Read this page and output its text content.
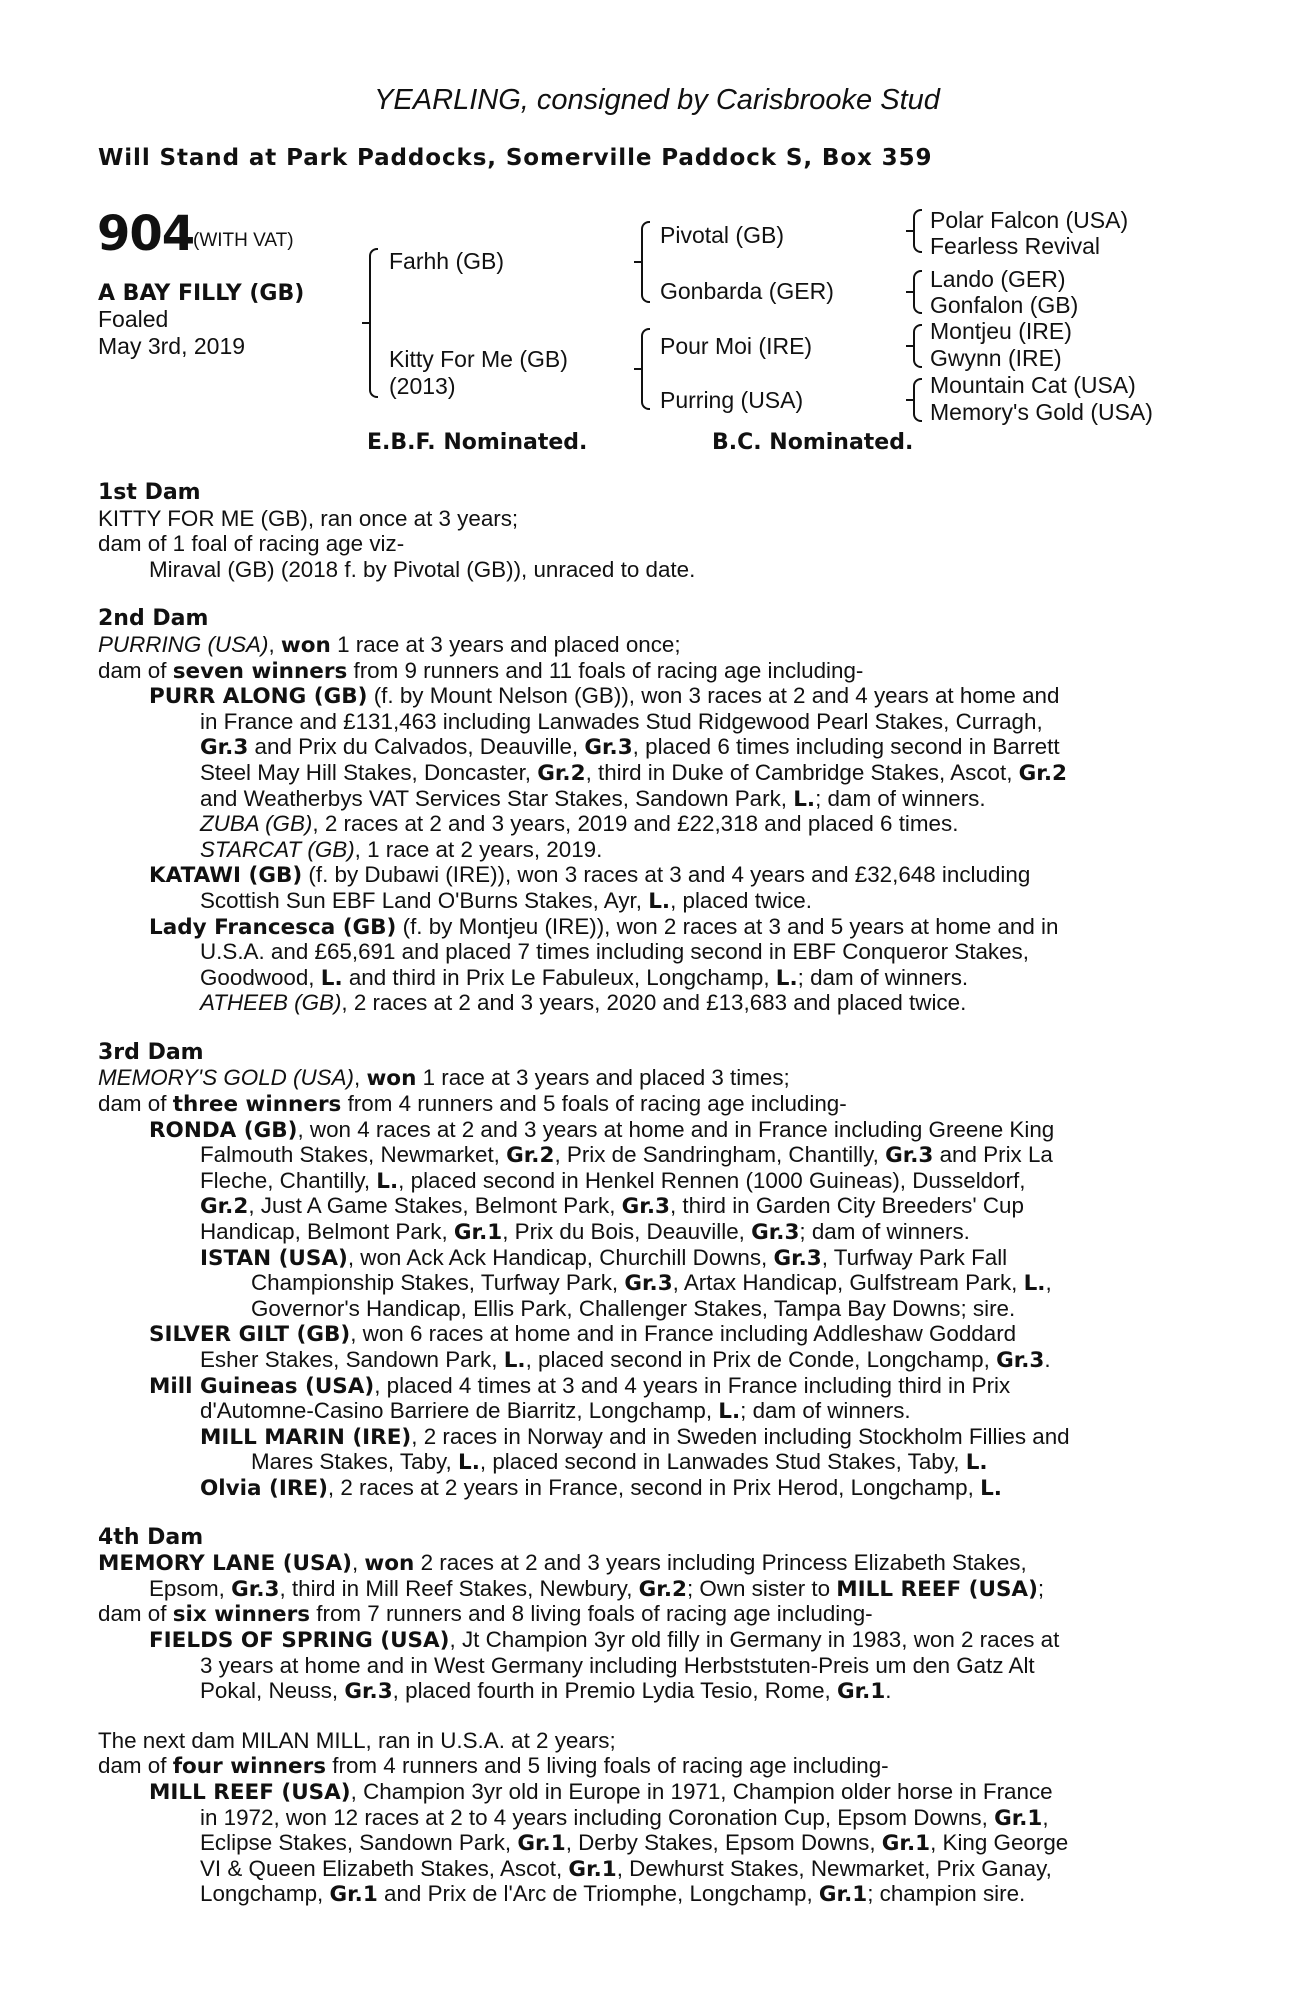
YEARLING, consigned by Carisbrooke Stud
Will Stand at Park Paddocks, Somerville Paddock S, Box 359
904
(WITH VAT)
A BAY FILLY (GB)
Foaled
May 3rd, 2019
Farhh (GB)
Kitty For Me (GB)
(2013)
Pivotal (GB)
Gonbarda (GER)
Pour Moi (IRE)
Purring (USA)
Polar Falcon (USA)
Fearless Revival
Lando (GER)
Gonfalon (GB)
Montjeu (IRE)
Gwynn (IRE)
Mountain Cat (USA)
Memory's Gold (USA)
E.B.F. Nominated.	B.C. Nominated.
1st Dam
KITTY FOR ME (GB), ran once at 3 years;
dam of 1 foal of racing age viz-
Miraval (GB) (2018 f. by Pivotal (GB)), unraced to date.
2nd Dam
PURRING (USA), won 1 race at 3 years and placed once;
dam of seven winners from 9 runners and 11 foals of racing age including-
PURR ALONG (GB) (f. by Mount Nelson (GB)), won 3 races at 2 and 4 years at home and
in France and £131,463 including Lanwades Stud Ridgewood Pearl Stakes, Curragh,
Gr.3 and Prix du Calvados, Deauville, Gr.3, placed 6 times including second in Barrett
Steel May Hill Stakes, Doncaster, Gr.2, third in Duke of Cambridge Stakes, Ascot, Gr.2
and Weatherbys VAT Services Star Stakes, Sandown Park, L.; dam of winners.
ZUBA (GB), 2 races at 2 and 3 years, 2019 and £22,318 and placed 6 times.
STARCAT (GB), 1 race at 2 years, 2019.
KATAWI (GB) (f. by Dubawi (IRE)), won 3 races at 3 and 4 years and £32,648 including
Scottish Sun EBF Land O'Burns Stakes, Ayr, L., placed twice.
Lady Francesca (GB) (f. by Montjeu (IRE)), won 2 races at 3 and 5 years at home and in
U.S.A. and £65,691 and placed 7 times including second in EBF Conqueror Stakes,
Goodwood, L. and third in Prix Le Fabuleux, Longchamp, L.; dam of winners.
ATHEEB (GB), 2 races at 2 and 3 years, 2020 and £13,683 and placed twice.
3rd Dam
MEMORY'S GOLD (USA), won 1 race at 3 years and placed 3 times;
dam of three winners from 4 runners and 5 foals of racing age including-
RONDA (GB), won 4 races at 2 and 3 years at home and in France including Greene King
Falmouth Stakes, Newmarket, Gr.2, Prix de Sandringham, Chantilly, Gr.3 and Prix La
Fleche, Chantilly, L., placed second in Henkel Rennen (1000 Guineas), Dusseldorf,
Gr.2, Just A Game Stakes, Belmont Park, Gr.3, third in Garden City Breeders' Cup
Handicap, Belmont Park, Gr.1, Prix du Bois, Deauville, Gr.3; dam of winners.
ISTAN (USA), won Ack Ack Handicap, Churchill Downs, Gr.3, Turfway Park Fall
Championship Stakes, Turfway Park, Gr.3, Artax Handicap, Gulfstream Park, L.,
Governor's Handicap, Ellis Park, Challenger Stakes, Tampa Bay Downs; sire.
SILVER GILT (GB), won 6 races at home and in France including Addleshaw Goddard
Esher Stakes, Sandown Park, L., placed second in Prix de Conde, Longchamp, Gr.3.
Mill Guineas (USA), placed 4 times at 3 and 4 years in France including third in Prix
d'Automne-Casino Barriere de Biarritz, Longchamp, L.; dam of winners.
MILL MARIN (IRE), 2 races in Norway and in Sweden including Stockholm Fillies and
Mares Stakes, Taby, L., placed second in Lanwades Stud Stakes, Taby, L.
Olvia (IRE), 2 races at 2 years in France, second in Prix Herod, Longchamp, L.
4th Dam
MEMORY LANE (USA), won 2 races at 2 and 3 years including Princess Elizabeth Stakes,
Epsom, Gr.3, third in Mill Reef Stakes, Newbury, Gr.2; Own sister to MILL REEF (USA);
dam of six winners from 7 runners and 8 living foals of racing age including-
FIELDS OF SPRING (USA), Jt Champion 3yr old filly in Germany in 1983, won 2 races at
3 years at home and in West Germany including Herbststuten-Preis um den Gatz Alt
Pokal, Neuss, Gr.3, placed fourth in Premio Lydia Tesio, Rome, Gr.1.
The next dam MILAN MILL, ran in U.S.A. at 2 years;
dam of four winners from 4 runners and 5 living foals of racing age including-
MILL REEF (USA), Champion 3yr old in Europe in 1971, Champion older horse in France
in 1972, won 12 races at 2 to 4 years including Coronation Cup, Epsom Downs, Gr.1,
Eclipse Stakes, Sandown Park, Gr.1, Derby Stakes, Epsom Downs, Gr.1, King George
VI & Queen Elizabeth Stakes, Ascot, Gr.1, Dewhurst Stakes, Newmarket, Prix Ganay,
Longchamp, Gr.1 and Prix de l'Arc de Triomphe, Longchamp, Gr.1; champion sire.
